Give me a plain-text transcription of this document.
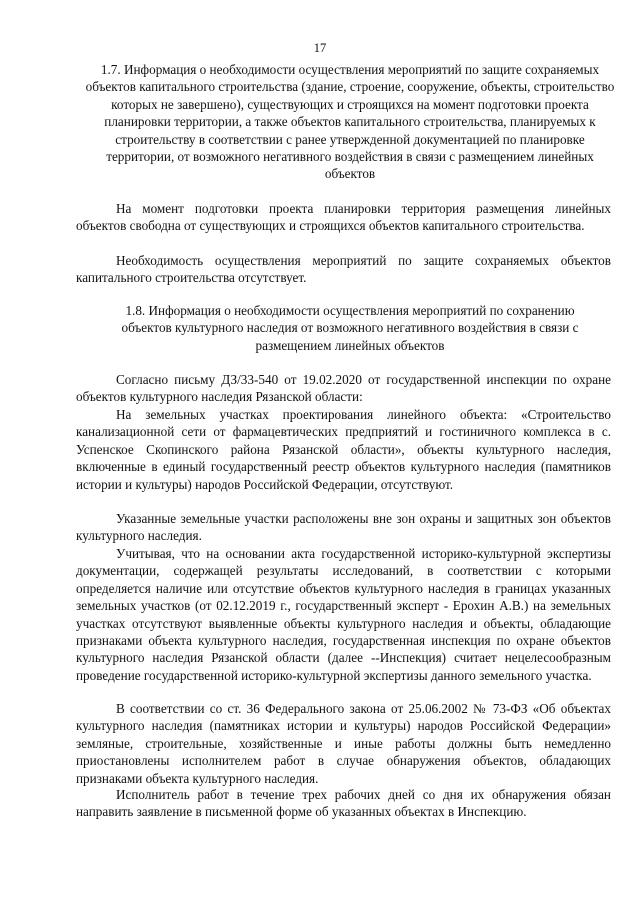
17
1.7. Информация о необходимости осуществления мероприятий по защите сохраняемых объектов капитального строительства (здание, строение, сооружение, объекты, строительство которых не завершено), существующих и строящихся на момент подготовки проекта планировки территории, а также объектов капитального строительства, планируемых к строительству в соответствии с ранее утвержденной документацией по планировке территории, от возможного негативного воздействия в связи с размещением линейных объектов

На момент подготовки проекта планировки территория размещения линейных объектов свободна от существующих и строящихся объектов капитального строительства.

Необходимость осуществления мероприятий по защите сохраняемых объектов капитального строительства отсутствует.

1.8. Информация о необходимости осуществления мероприятий по сохранению объектов культурного наследия от возможного негативного воздействия в связи с размещением линейных объектов

Согласно письму ДЗ/33-540 от 19.02.2020 от государственной инспекции по охране объектов культурного наследия Рязанской области:

На земельных участках проектирования линейного объекта: «Строительство канализационной сети от фармацевтических предприятий и гостиничного комплекса в с. Успенское Скопинского района Рязанской области», объекты культурного наследия, включенные в единый государственный реестр объектов культурного наследия (памятников истории и культуры) народов Российской Федерации, отсутствуют.

Указанные земельные участки расположены вне зон охраны и защитных зон объектов культурного наследия.

Учитывая, что на основании акта государственной историко-культурной экспертизы документации, содержащей результаты исследований, в соответствии с которыми определяется наличие или отсутствие объектов культурного наследия в границах указанных земельных участков (от 02.12.2019 г., государственный эксперт - Ерохин А.В.) на земельных участках отсутствуют выявленные объекты культурного наследия и объекты, обладающие признаками объекта культурного наследия, государственная инспекция по охране объектов культурного наследия Рязанской области (далее --Инспекция) считает нецелесообразным проведение государственной историко-культурной экспертизы данного земельного участка.

В соответствии со ст. 36 Федерального закона от 25.06.2002 № 73-ФЗ «Об объектах культурного наследия (памятниках истории и культуры) народов Российской Федерации» земляные, строительные, хозяйственные и иные работы должны быть немедленно приостановлены исполнителем работ в случае обнаружения объектов, обладающих признаками объекта культурного наследия.

Исполнитель работ в течение трех рабочих дней со дня их обнаружения обязан направить заявление в письменной форме об указанных объектах в Инспекцию.
